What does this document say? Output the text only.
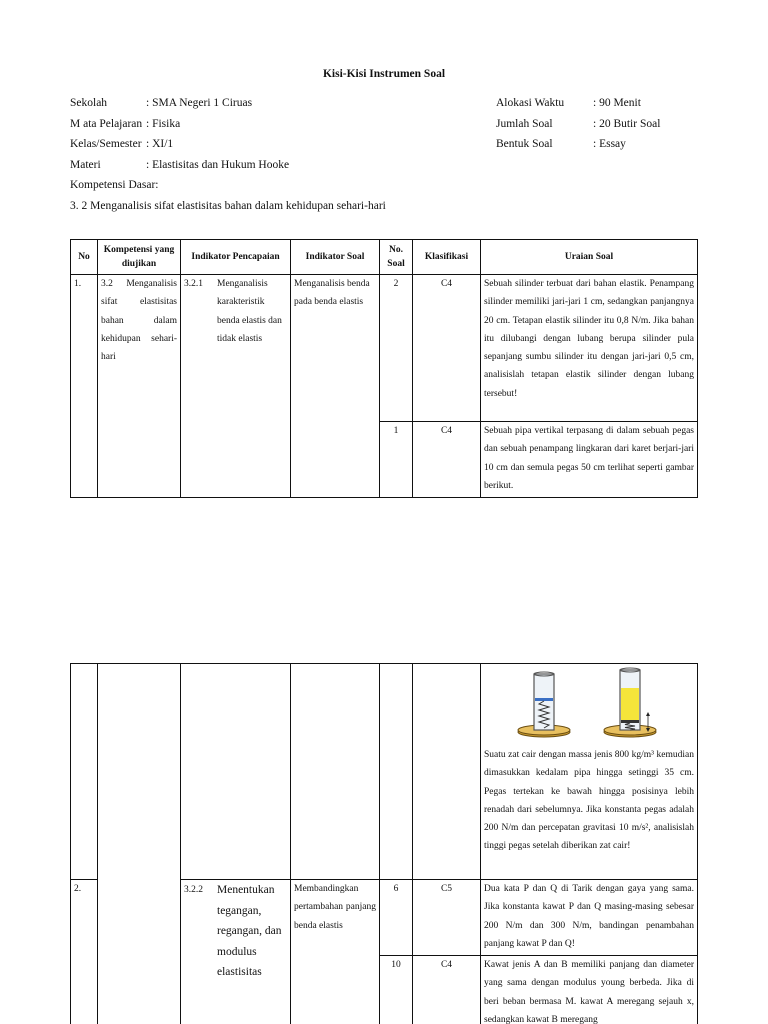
Kisi-Kisi Instrumen Soal
Sekolah	: SMA Negeri 1 Ciruas
M ata Pelajaran : Fisika
Kelas/Semester : XI/1
Materi	: Elastisitas dan Hukum Hooke
Alokasi Waktu	: 90 Menit
Jumlah Soal	: 20 Butir Soal
Bentuk Soal	: Essay
Kompetensi Dasar:
3. 2 Menganalisis sifat elastisitas bahan dalam kehidupan sehari-hari
No	Kompetensi yang diujikan	Indikator Pencapaian	Indikator Soal	No. Soal	Klasifikasi	Uraian Soal
1.	3.2 Menganalisis sifat elastisitas bahan dalam kehidupan sehari-hari	3.2.1 Menganalisis karakteristik benda elastis dan tidak elastis	Menganalisis benda pada benda elastis	2	C4	Sebuah silinder terbuat dari bahan elastik. Penampang silinder memiliki jari-jari 1 cm, sedangkan panjangnya 20 cm. Tetapan elastik silinder itu 0,8 N/m. Jika bahan itu dilubangi dengan lubang berupa silinder pula sepanjang sumbu silinder itu dengan jari-jari 0,5 cm, analisislah tetapan elastik silinder dengan lubang tersebut!
				1	C4	Sebuah pipa vertikal terpasang di dalam sebuah pegas dan sebuah penampang lingkaran dari karet berjari-jari 10 cm dan semula pegas 50 cm terlihat seperti gambar berikut.

						Suatu zat cair dengan massa jenis 800 kg/m³ kemudian dimasukkan kedalam pipa hingga setinggi 35 cm. Pegas tertekan ke bawah hingga posisinya lebih renadah dari sebelumnya. Jika konstanta pegas adalah 200 N/m dan percepatan gravitasi 10 m/s², analisislah tinggi pegas setelah diberikan zat cair!

2.		3.2.2 Menentukan tegangan, regangan, dan modulus elastisitas	Membandingkan pertambahan panjang benda elastis	6	C5	Dua kata P dan Q di Tarik dengan gaya yang sama. Jika konstanta kawat P dan Q masing-masing sebesar 200 N/m dan 300 N/m, bandingan penambahan panjang kawat P dan Q!
				10	C4	Kawat jenis A dan B memiliki panjang dan diameter yang sama dengan modulus young berbeda. Jika di beri beban bermasa M. kawat A meregang sejauh x, sedangkan kawat B meregang
